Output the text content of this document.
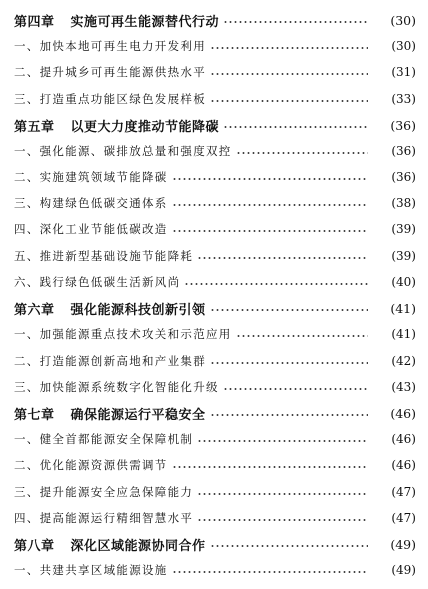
第四章 实施可再生能源替代行动	(30)
一、加快本地可再生电力开发利用	(30)
二、提升城乡可再生能源供热水平	(31)
三、打造重点功能区绿色发展样板	(33)
第五章 以更大力度推动节能降碳	(36)
一、强化能源、碳排放总量和强度双控	(36)
二、实施建筑领域节能降碳	(36)
三、构建绿色低碳交通体系	(38)
四、深化工业节能低碳改造	(39)
五、推进新型基础设施节能降耗	(39)
六、践行绿色低碳生活新风尚	(40)
第六章 强化能源科技创新引领	(41)
一、加强能源重点技术攻关和示范应用	(41)
二、打造能源创新高地和产业集群	(42)
三、加快能源系统数字化智能化升级	(43)
第七章 确保能源运行平稳安全	(46)
一、健全首都能源安全保障机制	(46)
二、优化能源资源供需调节	(46)
三、提升能源安全应急保障能力	(47)
四、提高能源运行精细智慧水平	(47)
第八章 深化区域能源协同合作	(49)
一、共建共享区域能源设施	(49)
